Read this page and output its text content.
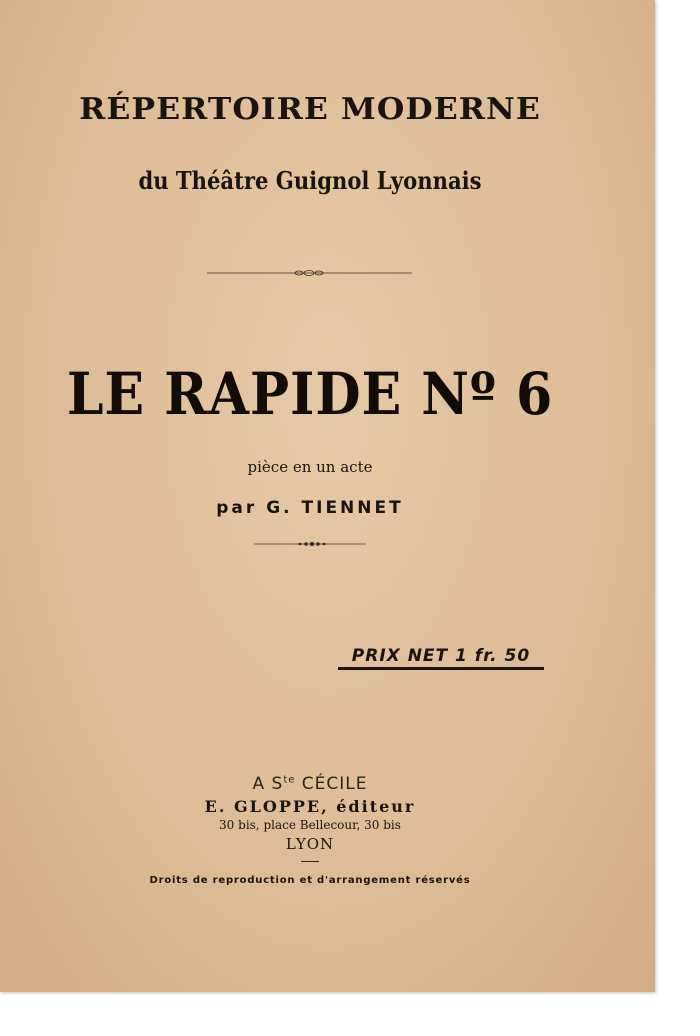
RÉPERTOIRE MODERNE
du Théâtre Guignol Lyonnais
LE RAPIDE Nº 6
pièce en un acte
par G. TIENNET
PRIX NET 1 fr. 50
A $S^{te}$ CÉCILE
E. GLOPPE, éditeur
30 bis, place Bellecour, 30 bis
LYON
Droits de reproduction et d'arrangement réservés
